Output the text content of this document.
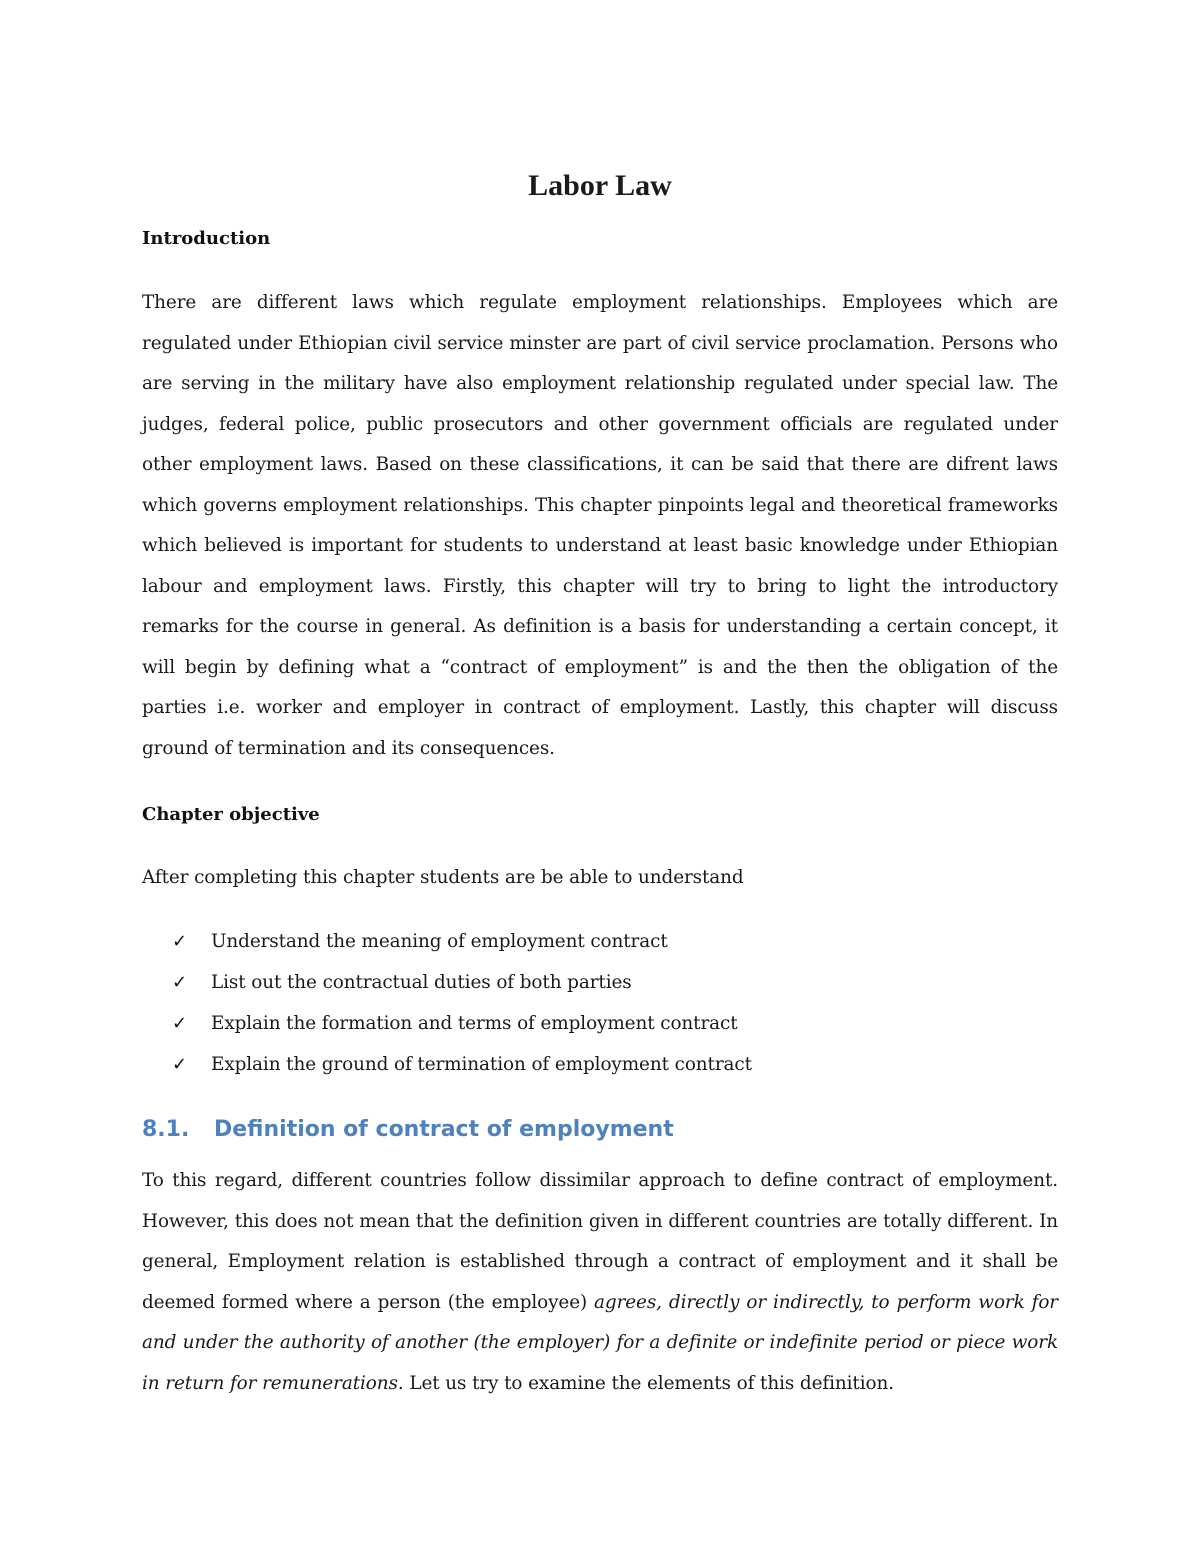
Labor Law
Introduction

There are different laws which regulate employment relationships. Employees which are regulated under Ethiopian civil service minster are part of civil service proclamation. Persons who are serving in the military have also employment relationship regulated under special law. The judges, federal police, public prosecutors and other government officials are regulated under other employment laws. Based on these classifications, it can be said that there are difrent laws which governs employment relationships. This chapter pinpoints legal and theoretical frameworks which believed is important for students to understand at least basic knowledge under Ethiopian labour and employment laws. Firstly, this chapter will try to bring to light the introductory remarks for the course in general. As definition is a basis for understanding a certain concept, it will begin by defining what a “contract of employment” is and the then the obligation of the parties i.e. worker and employer in contract of employment. Lastly, this chapter will discuss ground of termination and its consequences.

Chapter objective

After completing this chapter students are be able to understand

✓	Understand the meaning of employment contract
✓	List out the contractual duties of both parties
✓	Explain the formation and terms of employment contract
✓	Explain the ground of termination of employment contract
8.1.	Definition of contract of employment

To this regard, different countries follow dissimilar approach to define contract of employment. However, this does not mean that the definition given in different countries are totally different. In general, Employment relation is established through a contract of employment and it shall be deemed formed where a person (the employee) agrees, directly or indirectly, to perform work for and under the authority of another (the employer) for a definite or indefinite period or piece work in return for remunerations. Let us try to examine the elements of this definition.
